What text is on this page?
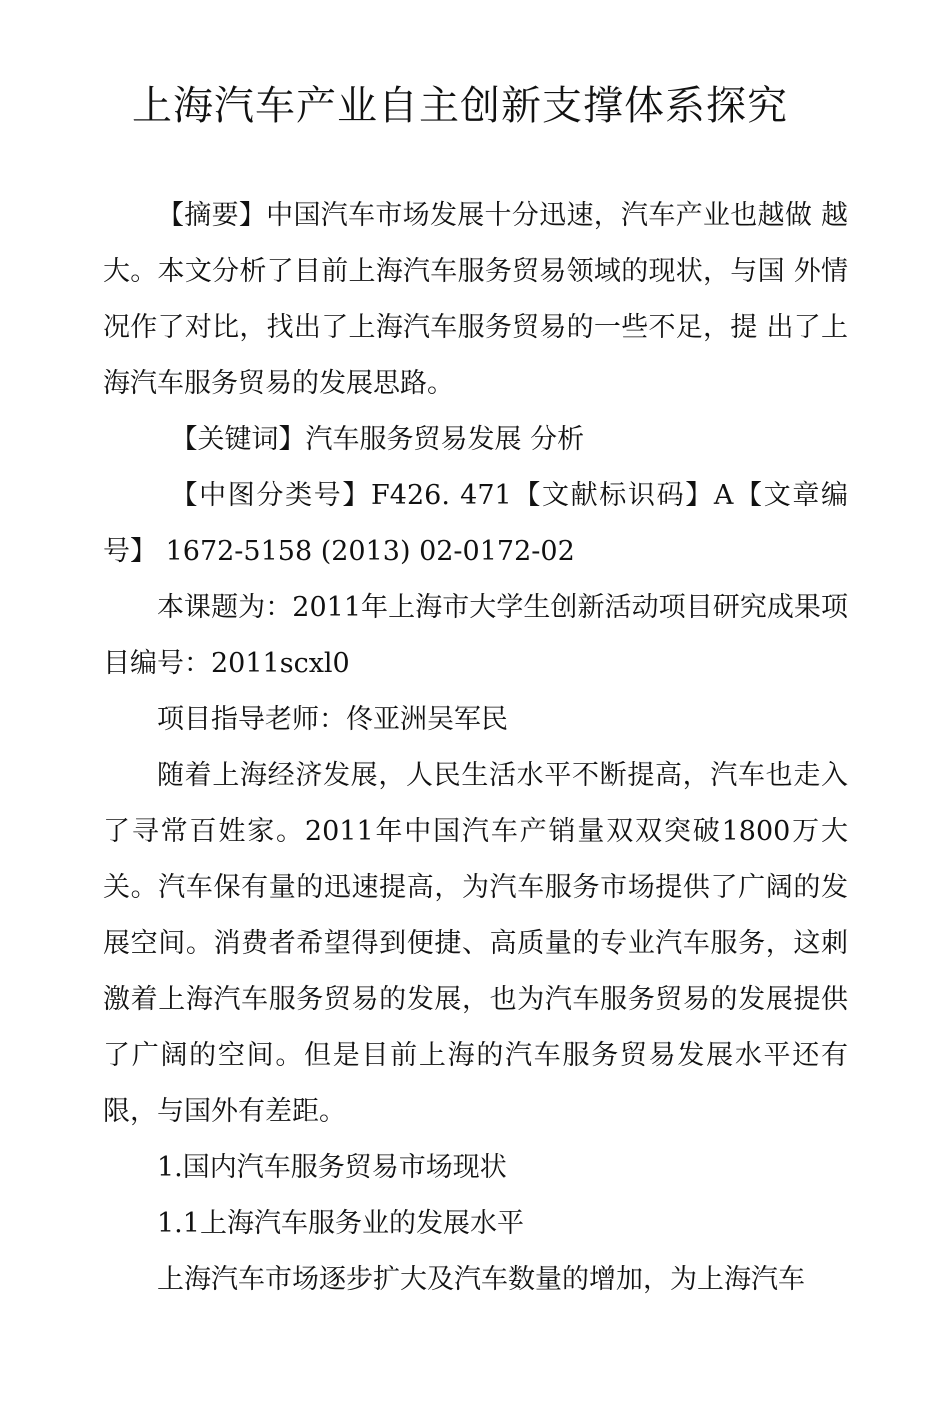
上海汽车产业自主创新支撑体系探究

【摘要】中国汽车市场发展十分迅速，汽车产业也越做 越大。本文分析了目前上海汽车服务贸易领域的现状，与国 外情况作了对比，找出了上海汽车服务贸易的一些不足，提 出了上海汽车服务贸易的发展思路。

【关键词】汽车服务贸易发展 分析

【中图分类号】F426. 471【文献标识码】A【文章编号】 1672-5158 (2013) 02-0172-02

本课题为：2011年上海市大学生创新活动项目研究成果项目编号：2011scxl0

项目指导老师：佟亚洲吴军民

随着上海经济发展，人民生活水平不断提高，汽车也走入了寻常百姓家。2011年中国汽车产销量双双突破1800万大关。汽车保有量的迅速提高，为汽车服务市场提供了广阔的发展空间。消费者希望得到便捷、高质量的专业汽车服务，这刺激着上海汽车服务贸易的发展，也为汽车服务贸易的发展提供了广阔的空间。但是目前上海的汽车服务贸易发展水平还有限，与国外有差距。

1.国内汽车服务贸易市场现状

1.1上海汽车服务业的发展水平

上海汽车市场逐步扩大及汽车数量的增加，为上海汽车
